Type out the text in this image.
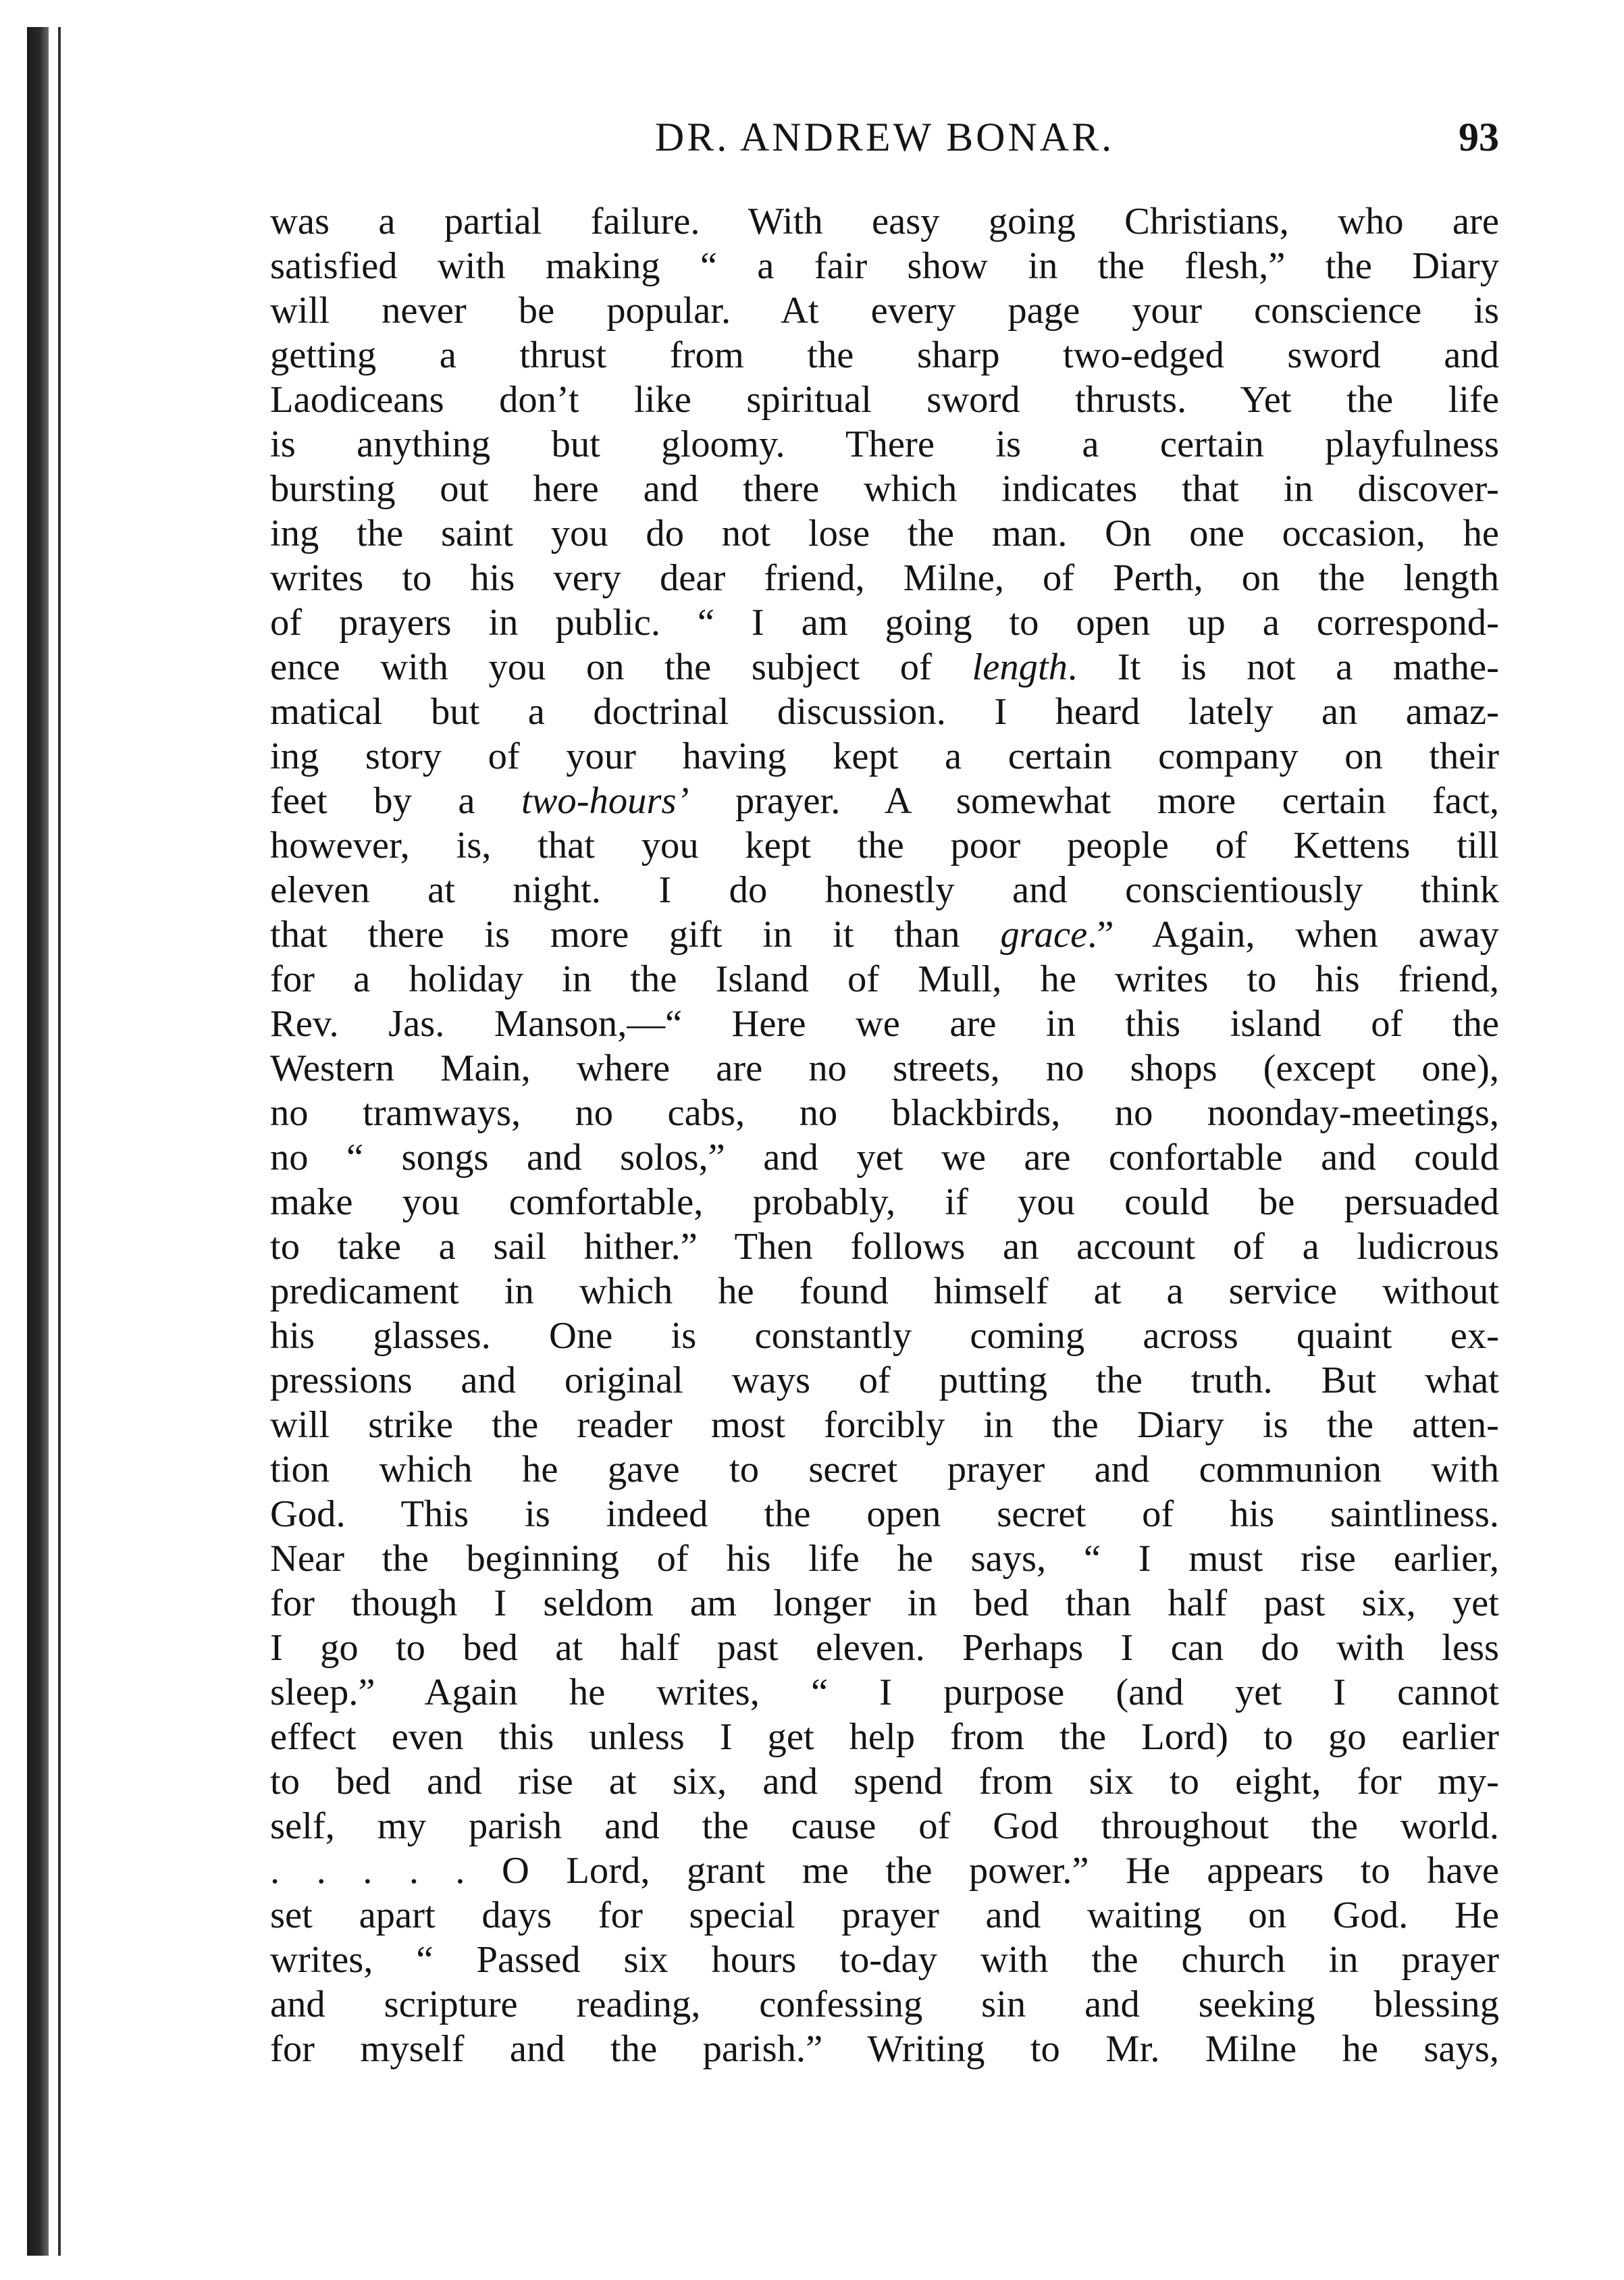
DR. ANDREW BONAR.	93
was a partial failure. With easy going Christians, who are
satisfied with making “ a fair show in the flesh,” the Diary
will never be popular. At every page your conscience is
getting a thrust from the sharp two-edged sword and
Laodiceans don’t like spiritual sword thrusts. Yet the life
is anything but gloomy. There is a certain playfulness
bursting out here and there which indicates that in discover-
ing the saint you do not lose the man. On one occasion, he
writes to his very dear friend, Milne, of Perth, on the length
of prayers in public. “ I am going to open up a correspond-
ence with you on the subject of length. It is not a mathe-
matical but a doctrinal discussion. I heard lately an amaz-
ing story of your having kept a certain company on their
feet by a two-hours’ prayer. A somewhat more certain fact,
however, is, that you kept the poor people of Kettens till
eleven at night. I do honestly and conscientiously think
that there is more gift in it than grace.” Again, when away
for a holiday in the Island of Mull, he writes to his friend,
Rev. Jas. Manson,—“ Here we are in this island of the
Western Main, where are no streets, no shops (except one),
no tramways, no cabs, no blackbirds, no noonday-meetings,
no “ songs and solos,” and yet we are confortable and could
make you comfortable, probably, if you could be persuaded
to take a sail hither.” Then follows an account of a ludicrous
predicament in which he found himself at a service without
his glasses. One is constantly coming across quaint ex-
pressions and original ways of putting the truth. But what
will strike the reader most forcibly in the Diary is the atten-
tion which he gave to secret prayer and communion with
God. This is indeed the open secret of his saintliness.
Near the beginning of his life he says, “ I must rise earlier,
for though I seldom am longer in bed than half past six, yet
I go to bed at half past eleven. Perhaps I can do with less
sleep.” Again he writes, “ I purpose (and yet I cannot
effect even this unless I get help from the Lord) to go earlier
to bed and rise at six, and spend from six to eight, for my-
self, my parish and the cause of God throughout the world.
. . . . . O Lord, grant me the power.” He appears to have
set apart days for special prayer and waiting on God. He
writes, “ Passed six hours to-day with the church in prayer
and scripture reading, confessing sin and seeking blessing
for myself and the parish.” Writing to Mr. Milne he says,
